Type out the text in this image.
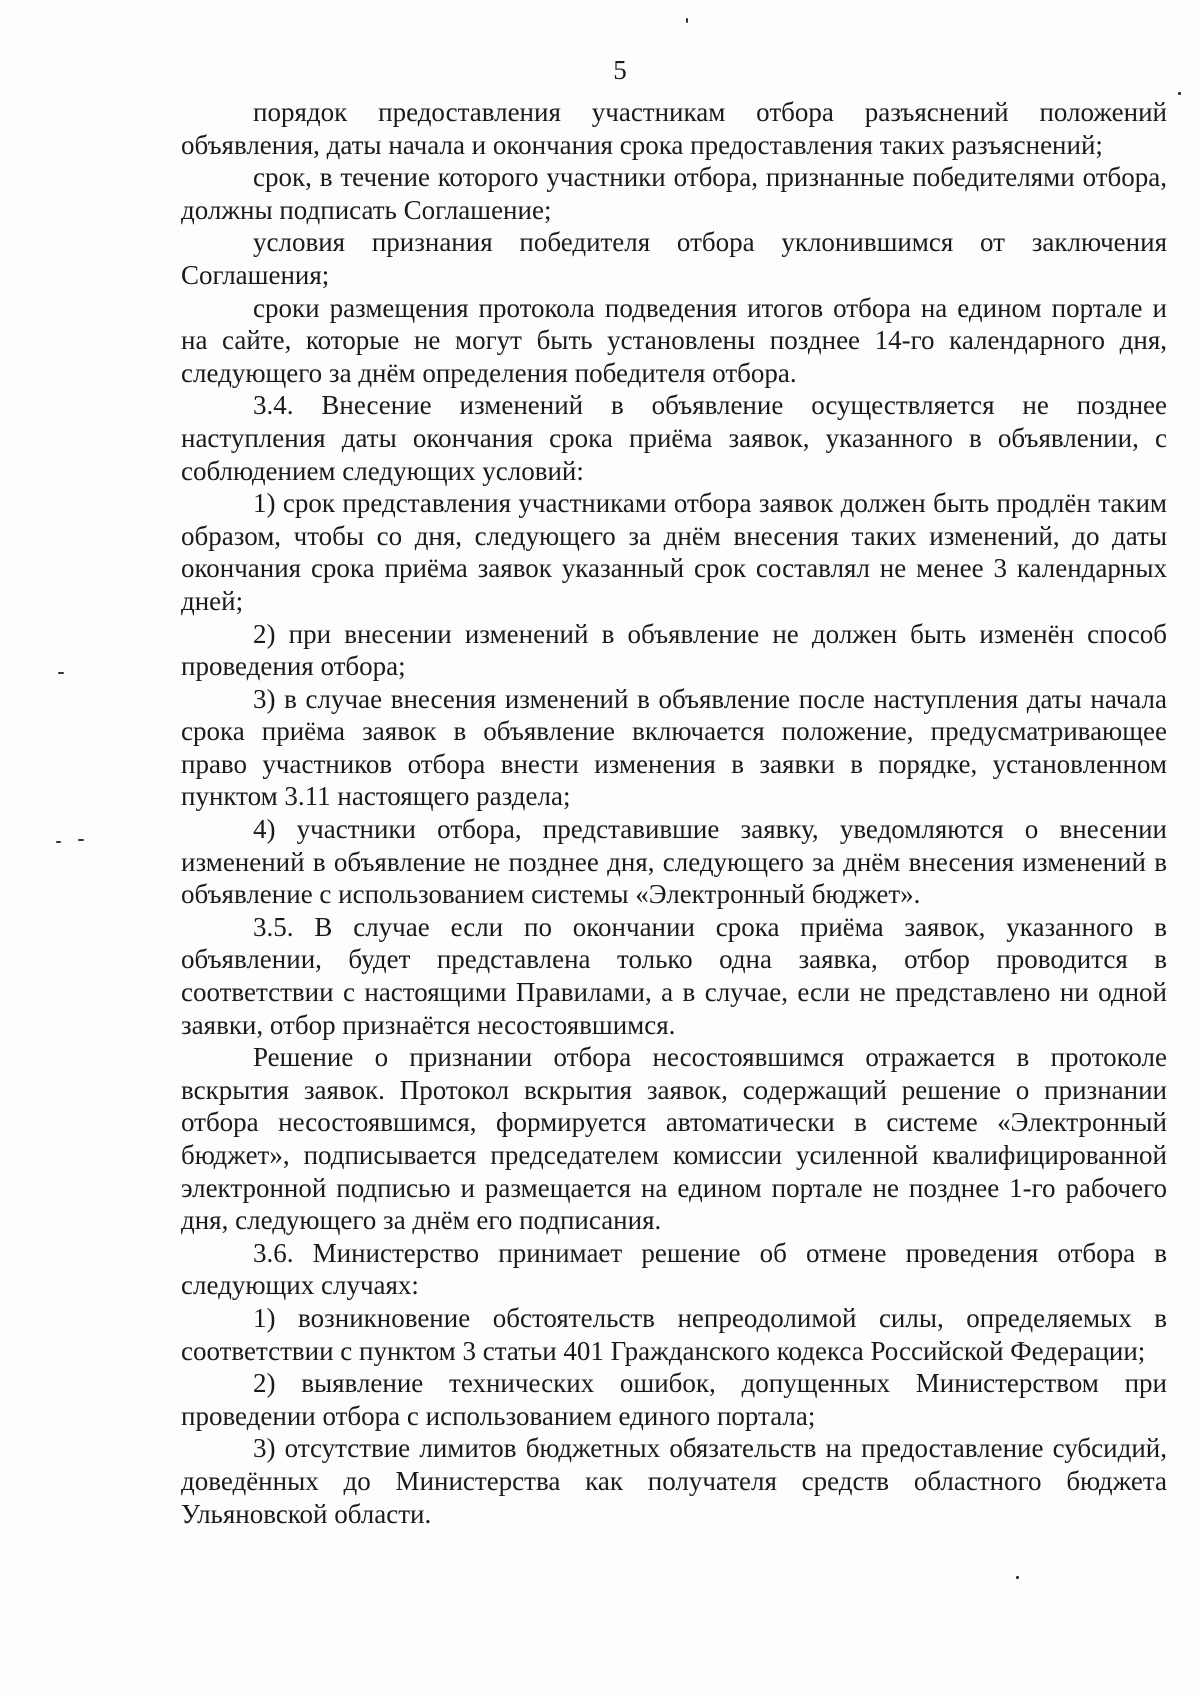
5

порядок предоставления участникам отбора разъяснений положений объявления, даты начала и окончания срока предоставления таких разъяснений;

срок, в течение которого участники отбора, признанные победителями отбора, должны подписать Соглашение;

условия признания победителя отбора уклонившимся от заключения Соглашения;

сроки размещения протокола подведения итогов отбора на едином портале и на сайте, которые не могут быть установлены позднее 14-го календарного дня, следующего за днём определения победителя отбора.

3.4. Внесение изменений в объявление осуществляется не позднее наступления даты окончания срока приёма заявок, указанного в объявлении, с соблюдением следующих условий:

1) срок представления участниками отбора заявок должен быть продлён таким образом, чтобы со дня, следующего за днём внесения таких изменений, до даты окончания срока приёма заявок указанный срок составлял не менее 3 календарных дней;

2) при внесении изменений в объявление не должен быть изменён способ проведения отбора;

3) в случае внесения изменений в объявление после наступления даты начала срока приёма заявок в объявление включается положение, предусматривающее право участников отбора внести изменения в заявки в порядке, установленном пунктом 3.11 настоящего раздела;

4) участники отбора, представившие заявку, уведомляются о внесении изменений в объявление не позднее дня, следующего за днём внесения изменений в объявление с использованием системы «Электронный бюджет».

3.5. В случае если по окончании срока приёма заявок, указанного в объявлении, будет представлена только одна заявка, отбор проводится в соответствии с настоящими Правилами, а в случае, если не представлено ни одной заявки, отбор признаётся несостоявшимся.

Решение о признании отбора несостоявшимся отражается в протоколе вскрытия заявок. Протокол вскрытия заявок, содержащий решение о признании отбора несостоявшимся, формируется автоматически в системе «Электронный бюджет», подписывается председателем комиссии усиленной квалифицированной электронной подписью и размещается на едином портале не позднее 1-го рабочего дня, следующего за днём его подписания.

3.6. Министерство принимает решение об отмене проведения отбора в следующих случаях:

1) возникновение обстоятельств непреодолимой силы, определяемых в соответствии с пунктом 3 статьи 401 Гражданского кодекса Российской Федерации;

2) выявление технических ошибок, допущенных Министерством при проведении отбора с использованием единого портала;

3) отсутствие лимитов бюджетных обязательств на предоставление субсидий, доведённых до Министерства как получателя средств областного бюджета Ульяновской области.
